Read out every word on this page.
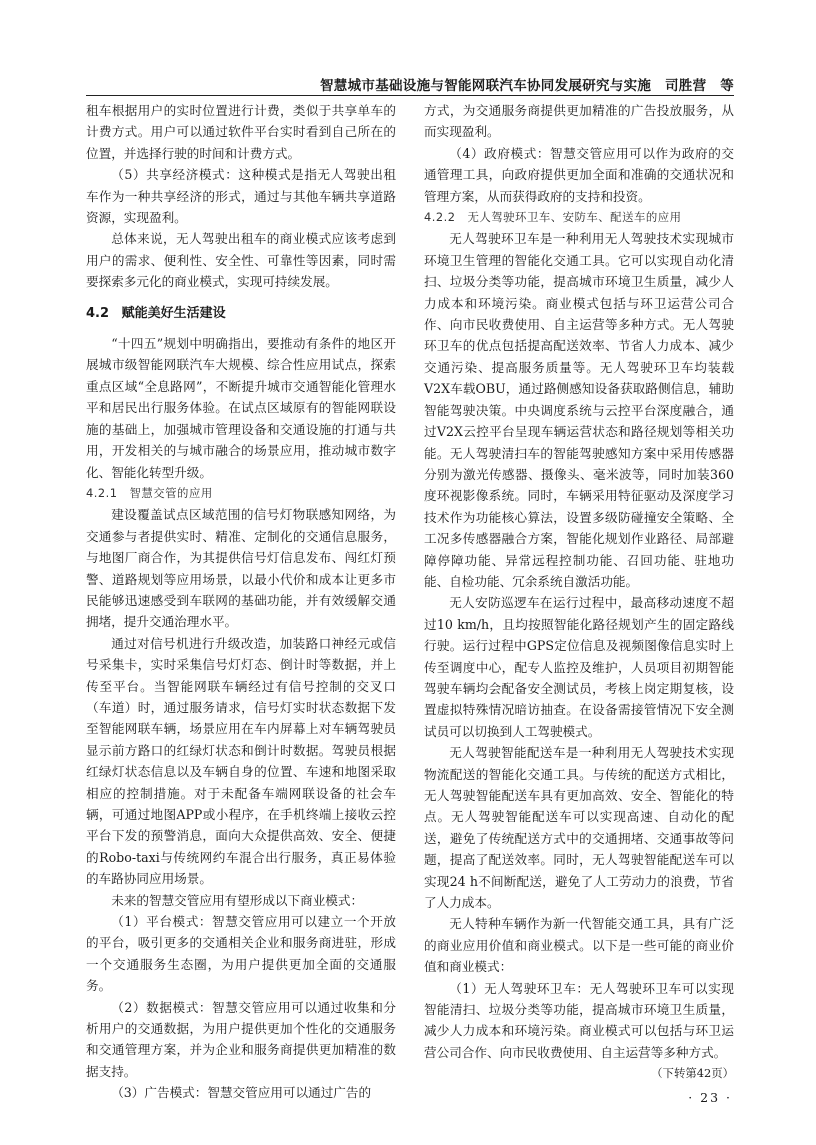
智慧城市基础设施与智能网联汽车协同发展研究与实施　司胜营　等

租车根据用户的实时位置进行计费，类似于共享单车的计费方式。用户可以通过软件平台实时看到自己所在的位置，并选择行驶的时间和计费方式。

（5）共享经济模式：这种模式是指无人驾驶出租车作为一种共享经济的形式，通过与其他车辆共享道路资源，实现盈利。

总体来说，无人驾驶出租车的商业模式应该考虑到用户的需求、便利性、安全性、可靠性等因素，同时需要探索多元化的商业模式，实现可持续发展。

4.2 赋能美好生活建设

“十四五”规划中明确指出，要推动有条件的地区开展城市级智能网联汽车大规模、综合性应用试点，探索重点区域“全息路网”，不断提升城市交通智能化管理水平和居民出行服务体验。在试点区域原有的智能网联设施的基础上，加强城市管理设备和交通设施的打通与共用，开发相关的与城市融合的场景应用，推动城市数字化、智能化转型升级。

4.2.1 智慧交管的应用

建设覆盖试点区域范围的信号灯物联感知网络，为交通参与者提供实时、精准、定制化的交通信息服务，与地图厂商合作，为其提供信号灯信息发布、闯红灯预警、道路规划等应用场景，以最小代价和成本让更多市民能够迅速感受到车联网的基础功能，并有效缓解交通拥堵，提升交通治理水平。

通过对信号机进行升级改造，加装路口神经元或信号采集卡，实时采集信号灯灯态、倒计时等数据，并上传至平台。当智能网联车辆经过有信号控制的交叉口（车道）时，通过服务请求，信号灯实时状态数据下发至智能网联车辆，场景应用在车内屏幕上对车辆驾驶员显示前方路口的红绿灯状态和倒计时数据。驾驶员根据红绿灯状态信息以及车辆自身的位置、车速和地图采取相应的控制措施。对于未配备车端网联设备的社会车辆，可通过地图APP或小程序，在手机终端上接收云控平台下发的预警消息，面向大众提供高效、安全、便捷的Robo-taxi与传统网约车混合出行服务，真正易体验的车路协同应用场景。

未来的智慧交管应用有望形成以下商业模式：

（1）平台模式：智慧交管应用可以建立一个开放的平台，吸引更多的交通相关企业和服务商进驻，形成一个交通服务生态圈，为用户提供更加全面的交通服务。

（2）数据模式：智慧交管应用可以通过收集和分析用户的交通数据，为用户提供更加个性化的交通服务和交通管理方案，并为企业和服务商提供更加精准的数据支持。

（3）广告模式：智慧交管应用可以通过广告的

方式，为交通服务商提供更加精准的广告投放服务，从而实现盈利。

（4）政府模式：智慧交管应用可以作为政府的交通管理工具，向政府提供更加全面和准确的交通状况和管理方案，从而获得政府的支持和投资。

4.2.2 无人驾驶环卫车、安防车、配送车的应用

无人驾驶环卫车是一种利用无人驾驶技术实现城市环境卫生管理的智能化交通工具。它可以实现自动化清扫、垃圾分类等功能，提高城市环境卫生质量，减少人力成本和环境污染。商业模式包括与环卫运营公司合作、向市民收费使用、自主运营等多种方式。无人驾驶环卫车的优点包括提高配送效率、节省人力成本、减少交通污染、提高服务质量等。无人驾驶环卫车均装载V2X车载OBU，通过路侧感知设备获取路侧信息，辅助智能驾驶决策。中央调度系统与云控平台深度融合，通过V2X云控平台呈现车辆运营状态和路径规划等相关功能。无人驾驶清扫车的智能驾驶感知方案中采用传感器分别为激光传感器、摄像头、毫米波等，同时加装360度环视影像系统。同时，车辆采用特征驱动及深度学习技术作为功能核心算法，设置多级防碰撞安全策略、全工况多传感器融合方案，智能化规划作业路径、局部避障停障功能、异常远程控制功能、召回功能、驻地功能、自检功能、冗余系统自激活功能。

无人安防巡逻车在运行过程中，最高移动速度不超过10 km/h，且均按照智能化路径规划产生的固定路线行驶。运行过程中GPS定位信息及视频图像信息实时上传至调度中心，配专人监控及维护，人员项目初期智能驾驶车辆均会配备安全测试员，考核上岗定期复核，设置虚拟特殊情况暗访抽查。在设备需接管情况下安全测试员可以切换到人工驾驶模式。

无人驾驶智能配送车是一种利用无人驾驶技术实现物流配送的智能化交通工具。与传统的配送方式相比，无人驾驶智能配送车具有更加高效、安全、智能化的特点。无人驾驶智能配送车可以实现高速、自动化的配送，避免了传统配送方式中的交通拥堵、交通事故等问题，提高了配送效率。同时，无人驾驶智能配送车可以实现24 h不间断配送，避免了人工劳动力的浪费，节省了人力成本。

无人特种车辆作为新一代智能交通工具，具有广泛的商业应用价值和商业模式。以下是一些可能的商业价值和商业模式：

（1）无人驾驶环卫车：无人驾驶环卫车可以实现智能清扫、垃圾分类等功能，提高城市环境卫生质量，减少人力成本和环境污染。商业模式可以包括与环卫运营公司合作、向市民收费使用、自主运营等多种方式。
（下转第42页）

· 23 ·
